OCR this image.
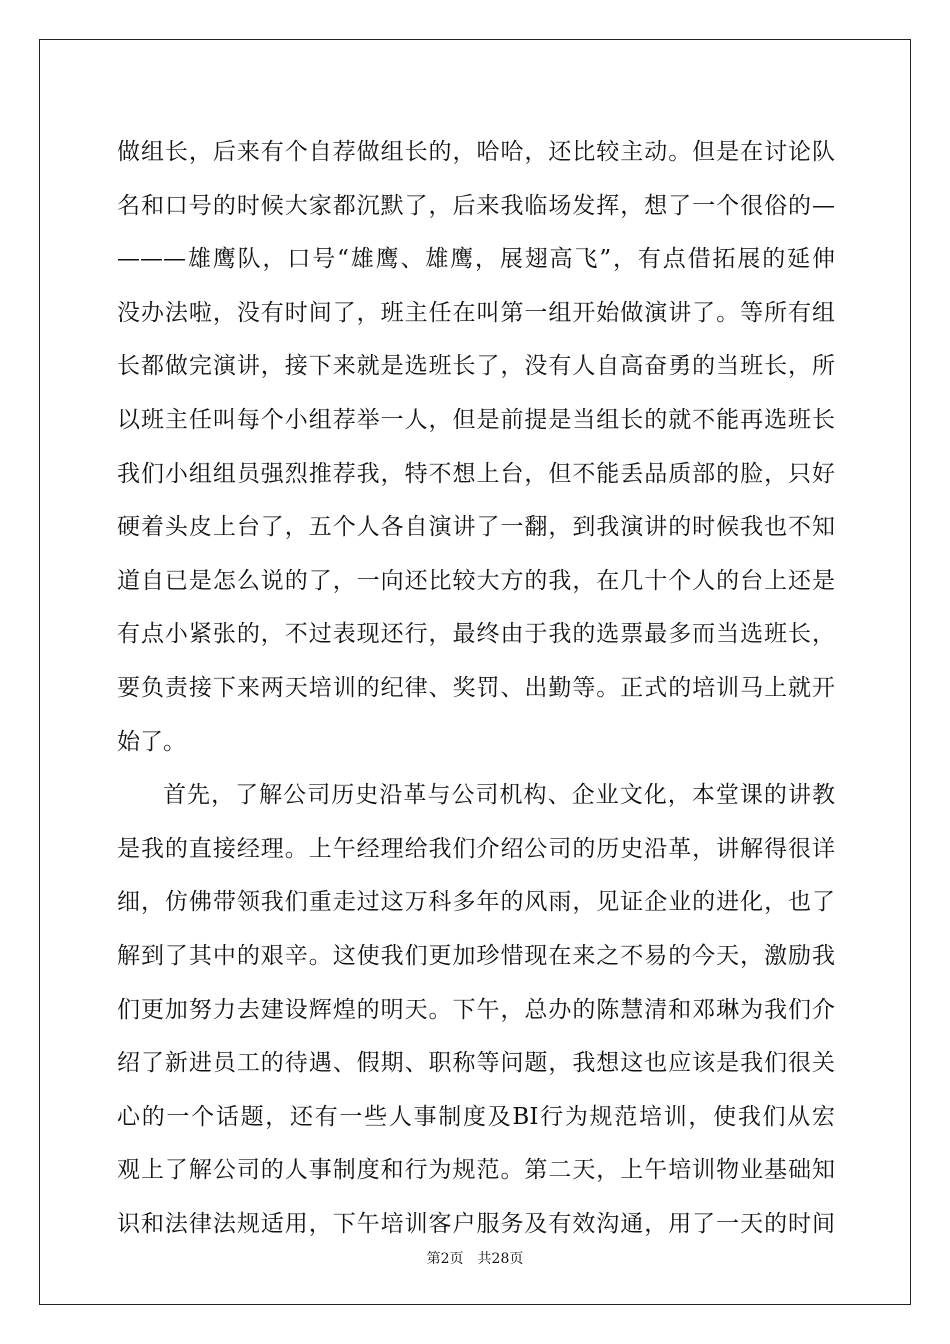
做组长，后来有个自荐做组长的，哈哈，还比较主动。但是在讨论队
名和口号的时候大家都沉默了，后来我临场发挥，想了一个很俗的—
———雄鹰队，口号“雄鹰、雄鹰，展翅高飞”，有点借拓展的延伸
没办法啦，没有时间了，班主任在叫第一组开始做演讲了。等所有组
长都做完演讲，接下来就是选班长了，没有人自高奋勇的当班长，所
以班主任叫每个小组荐举一人，但是前提是当组长的就不能再选班长
我们小组组员强烈推荐我，特不想上台，但不能丢品质部的脸，只好
硬着头皮上台了，五个人各自演讲了一翻，到我演讲的时候我也不知
道自已是怎么说的了，一向还比较大方的我，在几十个人的台上还是
有点小紧张的，不过表现还行，最终由于我的选票最多而当选班长，
要负责接下来两天培训的纪律、奖罚、出勤等。正式的培训马上就开
始了。
首先，了解公司历史沿革与公司机构、企业文化，本堂课的讲教
是我的直接经理。上午经理给我们介绍公司的历史沿革，讲解得很详
细，仿佛带领我们重走过这万科多年的风雨，见证企业的进化，也了
解到了其中的艰辛。这使我们更加珍惜现在来之不易的今天，激励我
们更加努力去建设辉煌的明天。下午，总办的陈慧清和邓琳为我们介
绍了新进员工的待遇、假期、职称等问题，我想这也应该是我们很关
心的一个话题，还有一些人事制度及BI行为规范培训，使我们从宏
观上了解公司的人事制度和行为规范。第二天，上午培训物业基础知
识和法律法规适用，下午培训客户服务及有效沟通，用了一天的时间
第2页 共28页
